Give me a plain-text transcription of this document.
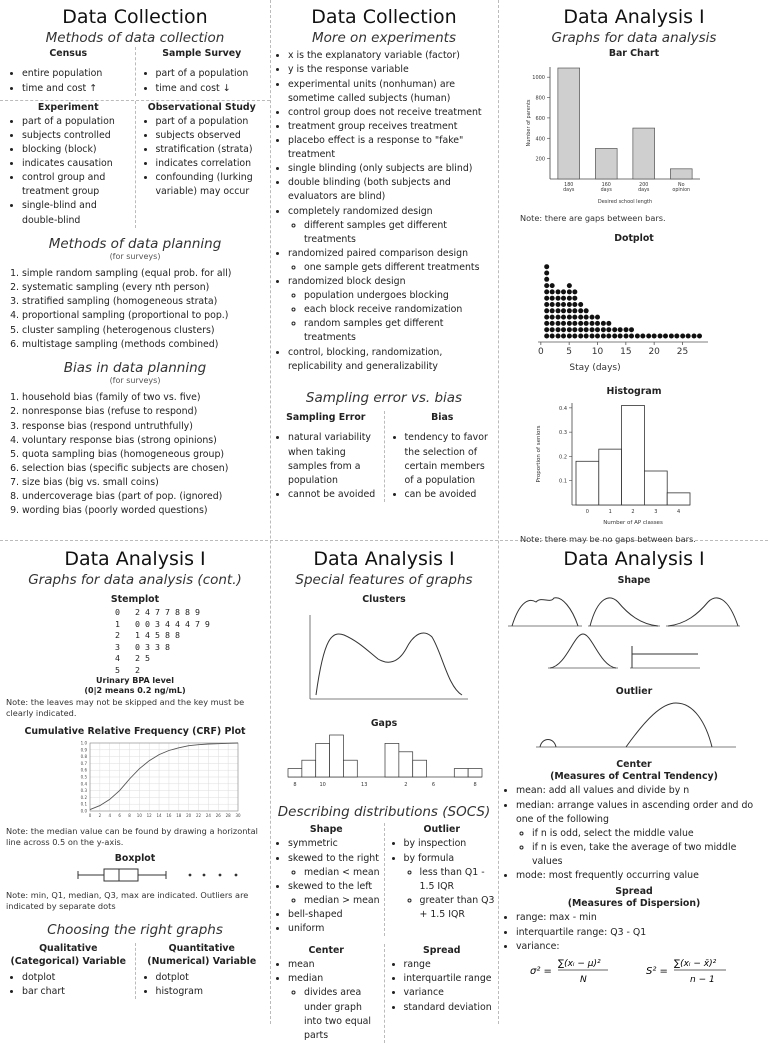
Data Collection
Methods of data collection
Census
• entire population
• time and cost ↑
Sample Survey
• part of a population
• time and cost ↓
Experiment
• part of a population
• subjects controlled
• blocking (block)
• indicates causation
• control group and treatment group
• single-blind and double-blind
Observational Study
• part of a population
• subjects observed
• stratification (strata)
• indicates correlation
• confounding (lurking variable) may occur
Methods of data planning
(for surveys)
1. simple random sampling (equal prob. for all)
2. systematic sampling (every nth person)
3. stratified sampling (homogeneous strata)
4. proportional sampling (proportional to pop.)
5. cluster sampling (heterogenous clusters)
6. multistage sampling (methods combined)
Bias in data planning
(for surveys)
1. household bias (family of two vs. five)
2. nonresponse bias (refuse to respond)
3. response bias (respond untruthfully)
4. voluntary response bias (strong opinions)
5. quota sampling bias (homogeneous group)
6. selection bias (specific subjects are chosen)
7. size bias (big vs. small coins)
8. undercoverage bias (part of pop. (ignored)
9. wording bias (poorly worded questions)
Data Collection
More on experiments
• x is the explanatory variable (factor)
• y is the response variable
• experimental units (nonhuman) are sometime called subjects (human)
• control group does not receive treatment
• treatment group receives treatment
• placebo effect is a response to "fake" treatment
• single blinding (only subjects are blind)
• double blinding (both subjects and evaluators are blind)
• completely randomized design
◦ different samples get different treatments
• randomized paired comparison design
◦ one sample gets different treatments
• randomized block design
◦ population undergoes blocking
◦ each block receive randomization
◦ random samples get different treatments
• control, blocking, randomization, replicability and generalizability
Sampling error vs. bias
Sampling Error
• natural variability when taking samples from a population
• cannot be avoided
Bias
• tendency to favor the selection of certain members of a population
• can be avoided
Data Analysis I
Graphs for data analysis
Bar Chart
200
400
600
800
1000
180
days
160
days
200
days
No
opinion
Desired school length
Number of parents
Note: there are gaps between bars.
Dotplot
0	5 10 15 20 25
Stay (days)
Histogram
0.1
0.2
0.3
0.4
0	1	2	3	4
Number of AP classes
Proportion of seniors
Note: there may be no gaps between bars.
Data Analysis I
Graphs for data analysis (cont.)
Stemplot
0 2 4 7 7 8 8 9
1 0 0 3 4 4 4 7 9
2 1 4 5 8 8
3 0 3 3 8
4 2 5
5 2
Urinary BPA level
(0|2 means 0.2 ng/mL)
Note: the leaves may not be skipped and the key must be clearly indicated.
Cumulative Relative Frequency (CRF) Plot
0.0
0.1
0.2
0.3
0.4
0.5
0.6
0.7
0.8
0.9
1.0
0 2 4 6 8 10 12 14 16 18 20 22 24 26 28 30
Note: the median value can be found by drawing a horizontal line across 0.5 on the y-axis.
Boxplot
Note: min, Q1, median, Q3, max are indicated. Outliers are indicated by separate dots
Choosing the right graphs
Qualitative (Categorical) Variable
• dotplot
• bar chart
Quantitative (Numerical) Variable
• dotplot
• histogram
Data Analysis I
Special features of graphs
Clusters
Gaps
8	10	13	2	6	8
Describing distributions (SOCS)
Shape
• symmetric
• skewed to the right
◦ median < mean
• skewed to the left
◦ median > mean
• bell-shaped
• uniform
Outlier
• by inspection
• by formula
◦ less than Q1 - 1.5 IQR
◦ greater than Q3 + 1.5 IQR
Center
• mean
• median
◦ divides area under graph into two equal parts
Spread
• range
• interquartile range
• variance
• standard deviation
Data Analysis I
Shape
Outlier
Center
(Measures of Central Tendency)
• mean: add all values and divide by n
• median: arrange values in ascending order and do one of the following
◦ if n is odd, select the middle value
◦ if n is even, take the average of two middle values
• mode: most frequently occurring value
Spread
(Measures of Dispersion)
• range: max - min
• interquartile range: Q3 - Q1
• variance:
σ² =
∑(xᵢ − μ)²
N
S² =
∑(xᵢ − x̄)²
n − 1
